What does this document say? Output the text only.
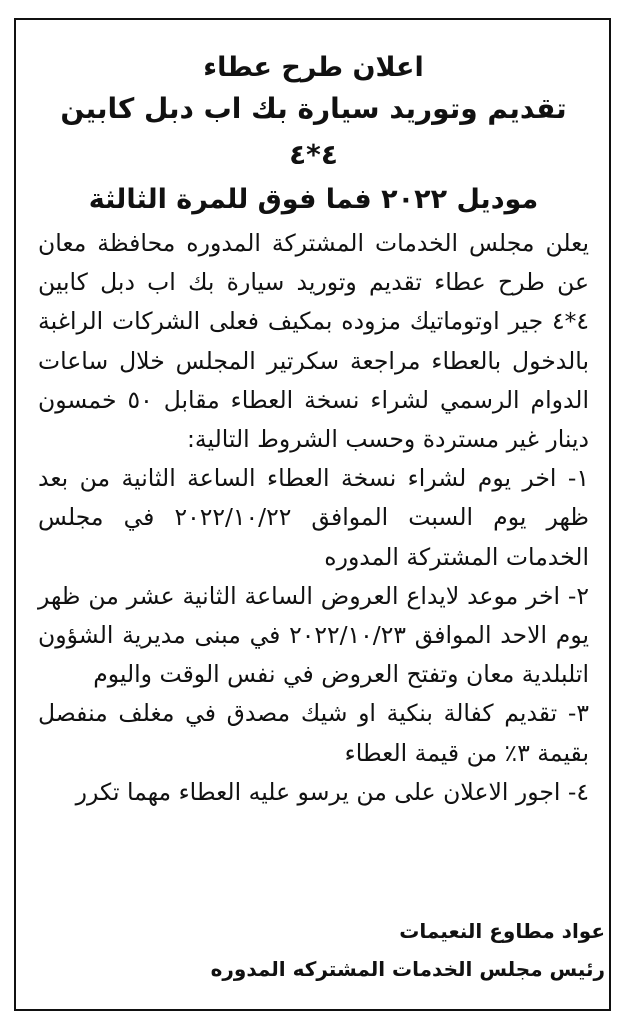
اعلان طرح عطاء
تقديم وتوريد سيارة بك اب دبل كابين ٤*٤
موديل ٢٠٢٢ فما فوق للمرة الثالثة

يعلن مجلس الخدمات المشتركة المدوره محافظة معان عن طرح عطاء تقديم وتوريد سيارة بك اب دبل كابين ٤*٤ جير اوتوماتيك مزوده بمكيف فعلى الشركات الراغبة بالدخول بالعطاء مراجعة سكرتير المجلس خلال ساعات الدوام الرسمي لشراء نسخة العطاء مقابل ٥٠ خمسون دينار غير مستردة وحسب الشروط التالية:

١- اخر يوم لشراء نسخة العطاء الساعة الثانية من بعد ظهر يوم السبت الموافق ٢٠٢٢/١٠/٢٢ في مجلس الخدمات المشتركة المدوره

٢- اخر موعد لايداع العروض الساعة الثانية عشر من ظهر يوم الاحد الموافق ٢٠٢٢/١٠/٢٣ في مبنى مديرية الشؤون اتلبلدية معان وتفتح العروض في نفس الوقت واليوم

٣- تقديم كفالة بنكية او شيك مصدق في مغلف منفصل بقيمة ٣٪ من قيمة العطاء

٤- اجور الاعلان على من يرسو عليه العطاء مهما تكرر

عواد مطاوع النعيمات
رئيس مجلس الخدمات المشتركه المدوره
